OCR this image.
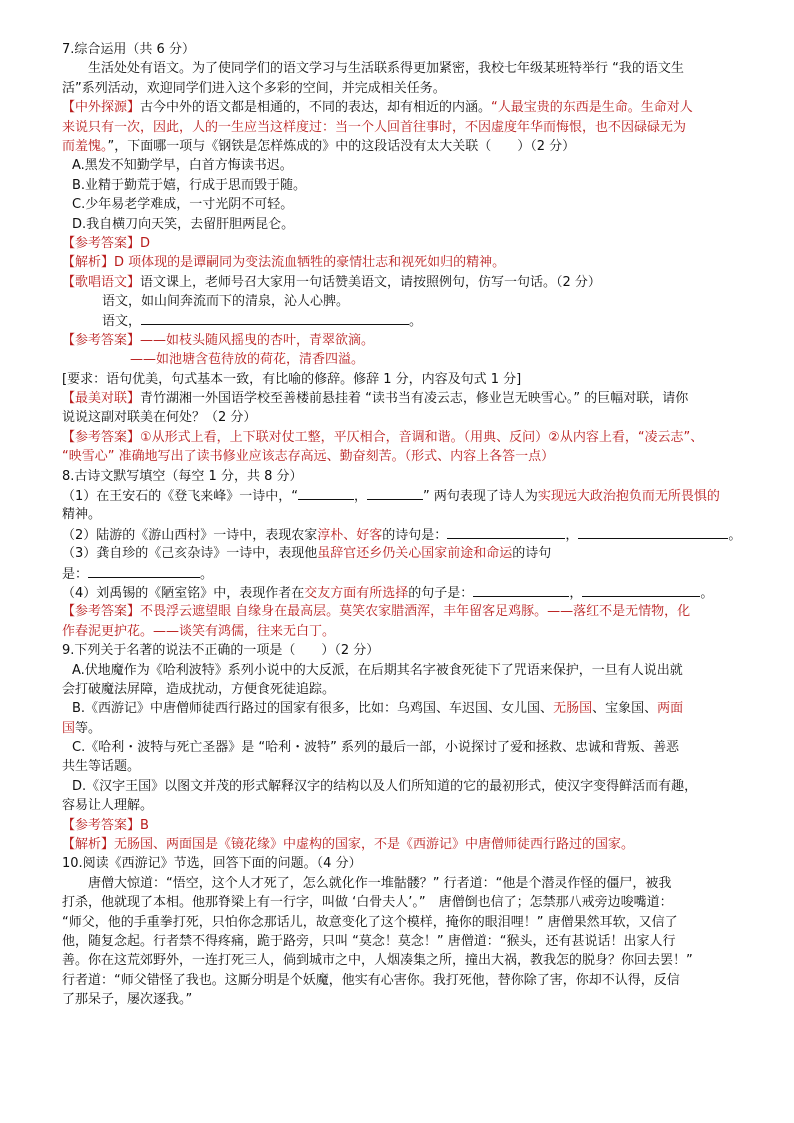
7.综合运用（共 6 分）
生活处处有语文。为了使同学们的语文学习与生活联系得更加紧密，我校七年级某班特举行 “我的语文生
活”系列活动，欢迎同学们进入这个多彩的空间，并完成相关任务。
【中外探源】古今中外的语文都是相通的，不同的表达，却有相近的内涵。“人最宝贵的东西是生命。生命对人
来说只有一次，因此，人的一生应当这样度过：当一个人回首往事时，不因虚度年华而悔恨，也不因碌碌无为
而羞愧。”，下面哪一项与《钢铁是怎样炼成的》中的这段话没有太大关联（　　）（2 分）
A.黑发不知勤学早，白首方悔读书迟。
B.业精于勤荒于嬉，行成于思而毁于随。
C.少年易老学难成，一寸光阴不可轻。
D.我自横刀向天笑，去留肝胆两昆仑。
【参考答案】D
【解析】D 项体现的是谭嗣同为变法流血牺牲的豪情壮志和视死如归的精神。
【歌唱语文】语文课上，老师号召大家用一句话赞美语文，请按照例句，仿写一句话。（2 分）
语文，如山间奔流而下的清泉，沁人心脾。
语文，	。
【参考答案】——如枝头随风摇曳的杏叶，青翠欲滴。
——如池塘含苞待放的荷花，清香四溢。
[要求：语句优美，句式基本一致，有比喻的修辞。修辞 1 分，内容及句式 1 分]
【最美对联】青竹湖湘一外国语学校至善楼前悬挂着 “读书当有凌云志，修业岂无映雪心。” 的巨幅对联，请你
说说这副对联美在何处？（2 分）
【参考答案】①从形式上看，上下联对仗工整，平仄相合，音调和谐。（用典、反问）②从内容上看，“凌云志”、
“映雪心” 准确地写出了读书修业应该志存高远、勤奋刻苦。（形式、内容上各答一点）
8.古诗文默写填空（每空 1 分，共 8 分）
（1）在王安石的《登飞来峰》一诗中，“	，	” 两句表现了诗人为实现远大政治抱负而无所畏惧的
精神。
（2）陆游的《游山西村》一诗中，表现农家淳朴、好客的诗句是：	，	。
（3）龚自珍的《己亥杂诗》一诗中，表现他虽辞官还乡仍关心国家前途和命运的诗句
是：	。
（4）刘禹锡的《陋室铭》中，表现作者在交友方面有所选择的句子是：	，	。
【参考答案】不畏浮云遮望眼 自缘身在最高层。莫笑农家腊酒浑，丰年留客足鸡豚。——落红不是无情物，化
作春泥更护花。——谈笑有鸿儒，往来无白丁。
9.下列关于名著的说法不正确的一项是（　　）（2 分）
A.伏地魔作为《哈利波特》系列小说中的大反派，在后期其名字被食死徒下了咒语来保护，一旦有人说出就
会打破魔法屏障，造成扰动，方便食死徒追踪。
B.《西游记》中唐僧师徒西行路过的国家有很多，比如：乌鸡国、车迟国、女儿国、无肠国、宝象国、两面
国等。
C.《哈利・波特与死亡圣器》是 “哈利・波特” 系列的最后一部，小说探讨了爱和拯救、忠诚和背叛、善恶
共生等话题。
D.《汉字王国》以图文并茂的形式解释汉字的结构以及人们所知道的它的最初形式，使汉字变得鲜活而有趣，
容易让人理解。
【参考答案】B
【解析】无肠国、两面国是《镜花缘》中虚构的国家，不是《西游记》中唐僧师徒西行路过的国家。
10.阅读《西游记》节选，回答下面的问题。（4 分）
唐僧大惊道：“悟空，这个人才死了，怎么就化作一堆骷髅？” 行者道：“他是个潜灵作怪的僵尸，被我
打杀，他就现了本相。他那脊梁上有一行字，叫做 ‘白骨夫人’。”　唐僧倒也信了；怎禁那八戒旁边唆嘴道：
“师父，他的手重拳打死，只怕你念那话儿，故意变化了这个模样，掩你的眼泪哩！” 唐僧果然耳软，又信了
他，随复念起。行者禁不得疼痛，跪于路旁，只叫 “莫念！莫念！” 唐僧道：“猴头，还有甚说话！出家人行
善。你在这荒郊野外，一连打死三人，倘到城市之中，人烟凑集之所，撞出大祸，教我怎的脱身？你回去罢！”
行者道：“师父错怪了我也。这厮分明是个妖魔，他实有心害你。我打死他，替你除了害，你却不认得，反信
了那呆子，屡次逐我。”
